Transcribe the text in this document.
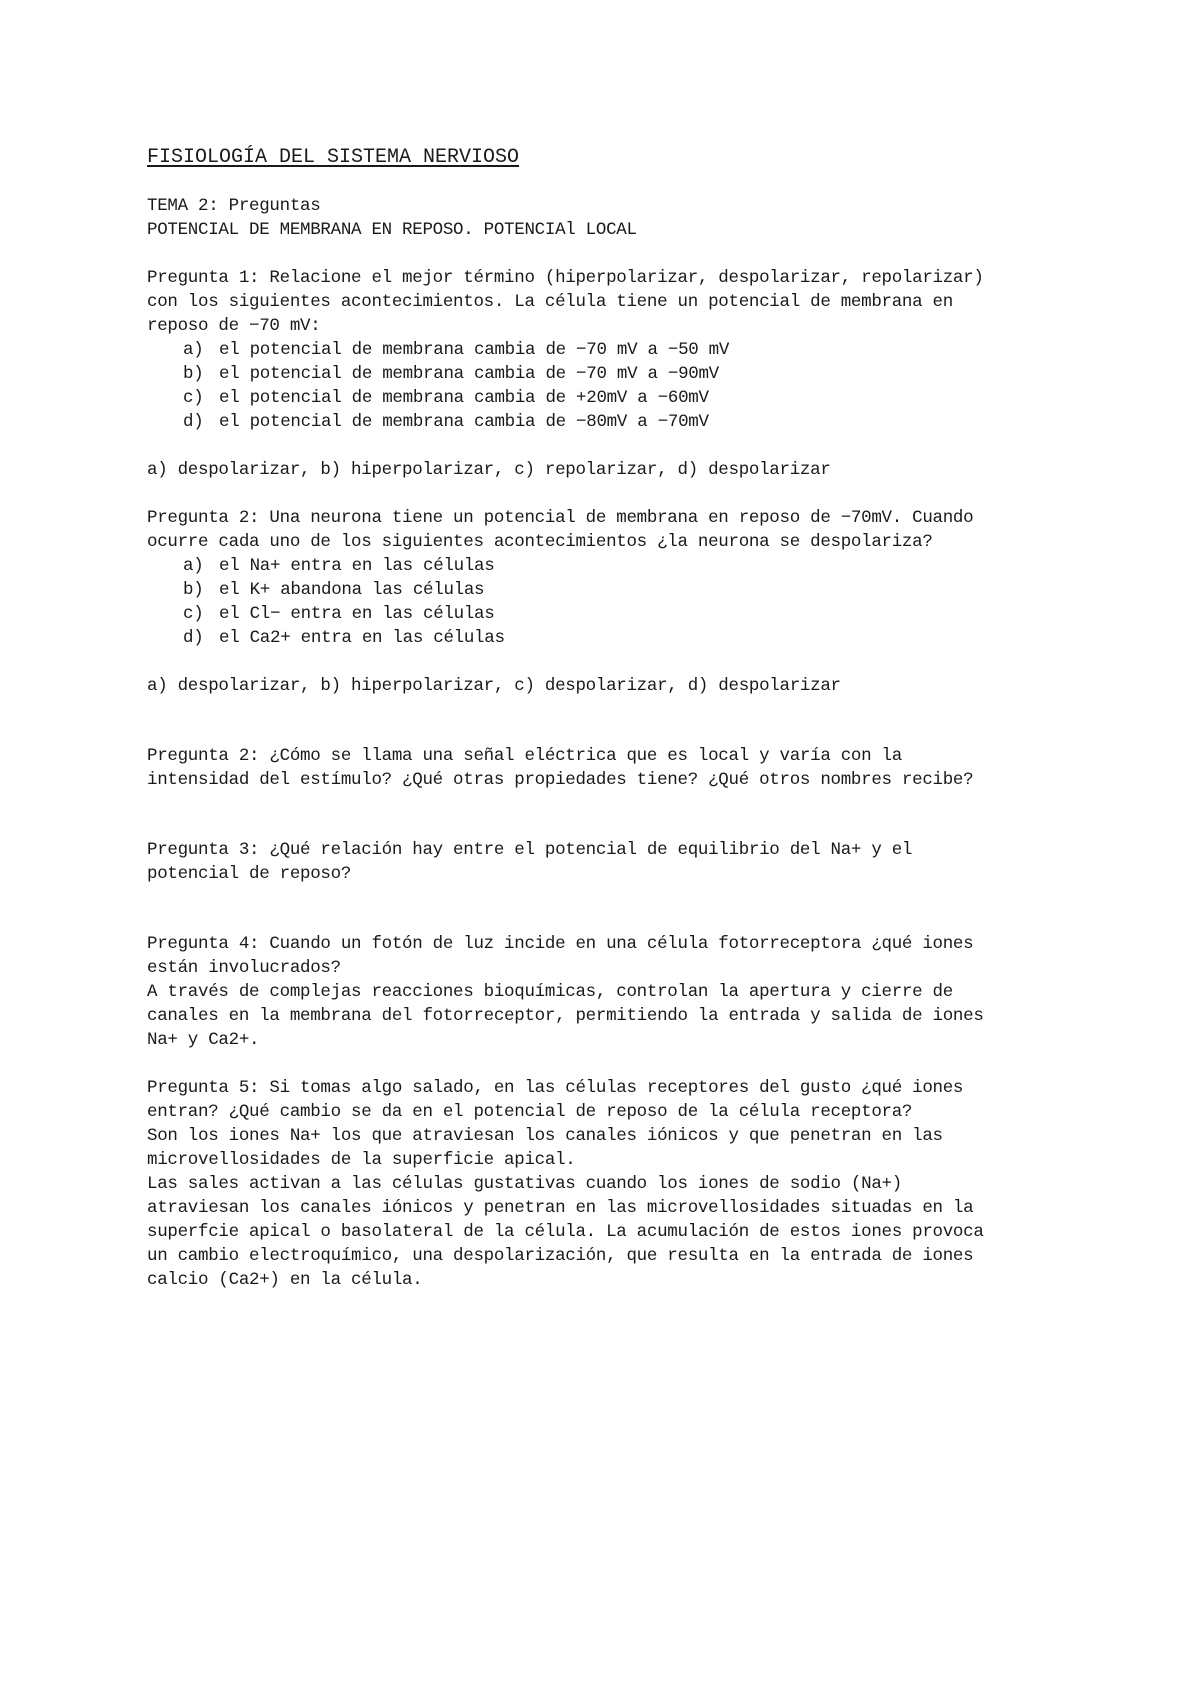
FISIOLOGÍA DEL SISTEMA NERVIOSO
TEMA 2: Preguntas
POTENCIAL DE MEMBRANA EN REPOSO. POTENCIAl LOCAL
Pregunta 1: Relacione el mejor término (hiperpolarizar, despolarizar, repolarizar)
con los siguientes acontecimientos. La célula tiene un potencial de membrana en
reposo de −70 mV:
a) el potencial de membrana cambia de −70 mV a −50 mV
b) el potencial de membrana cambia de −70 mV a −90mV
c) el potencial de membrana cambia de +20mV a −60mV
d) el potencial de membrana cambia de −80mV a −70mV
a) despolarizar, b) hiperpolarizar, c) repolarizar, d) despolarizar
Pregunta 2: Una neurona tiene un potencial de membrana en reposo de −70mV. Cuando
ocurre cada uno de los siguientes acontecimientos ¿la neurona se despolariza?
a) el Na+ entra en las células
b) el K+ abandona las células
c) el Cl− entra en las células
d) el Ca2+ entra en las células
a) despolarizar, b) hiperpolarizar, c) despolarizar, d) despolarizar
Pregunta 2: ¿Cómo se llama una señal eléctrica que es local y varía con la
intensidad del estímulo? ¿Qué otras propiedades tiene? ¿Qué otros nombres recibe?
Pregunta 3: ¿Qué relación hay entre el potencial de equilibrio del Na+ y el
potencial de reposo?
Pregunta 4: Cuando un fotón de luz incide en una célula fotorreceptora ¿qué iones
están involucrados?
A través de complejas reacciones bioquímicas, controlan la apertura y cierre de
canales en la membrana del fotorreceptor, permitiendo la entrada y salida de iones
Na+ y Ca2+.
Pregunta 5: Si tomas algo salado, en las células receptores del gusto ¿qué iones
entran? ¿Qué cambio se da en el potencial de reposo de la célula receptora?
Son los iones Na+ los que atraviesan los canales iónicos y que penetran en las
microvellosidades de la superficie apical.
Las sales activan a las células gustativas cuando los iones de sodio (Na+)
atraviesan los canales iónicos y penetran en las microvellosidades situadas en la
superfcie apical o basolateral de la célula. La acumulación de estos iones provoca
un cambio electroquímico, una despolarización, que resulta en la entrada de iones
calcio (Ca2+) en la célula.
